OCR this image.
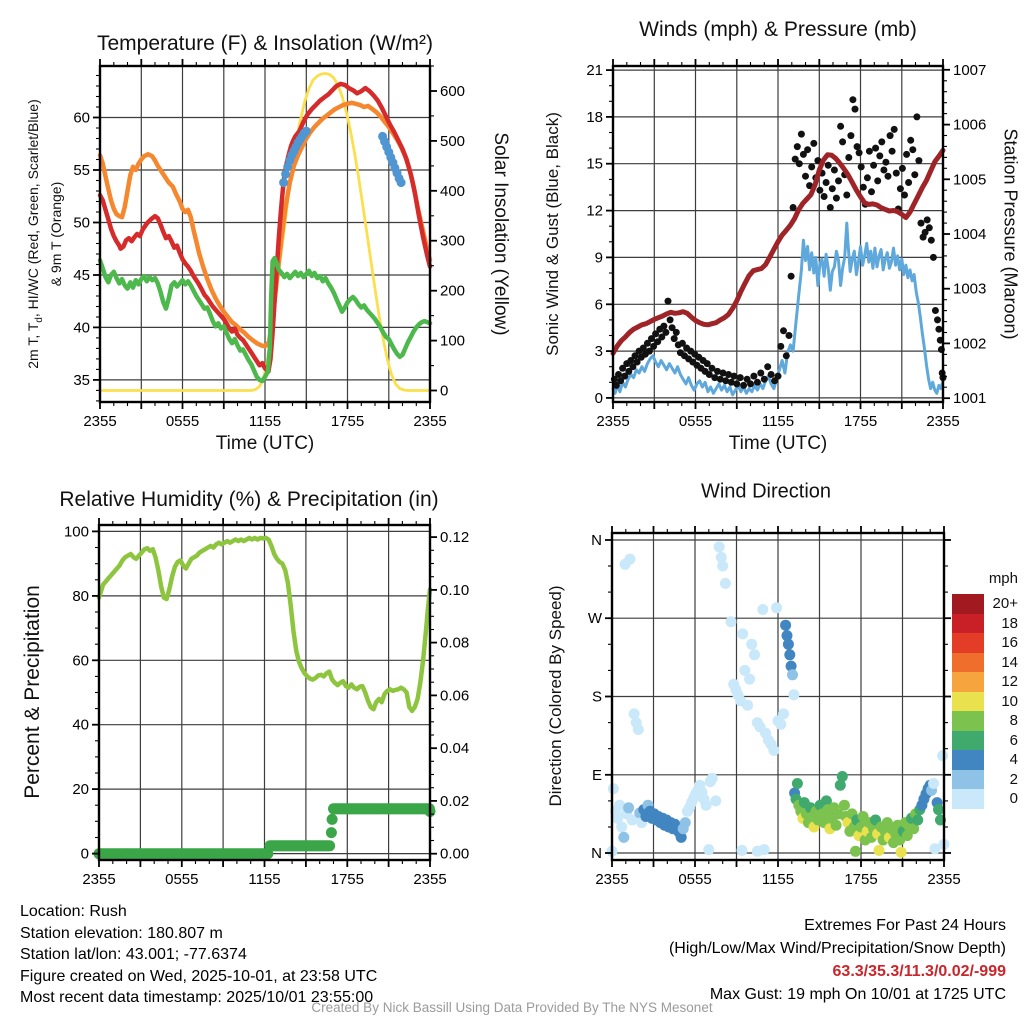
35
40
45
50
55
60
0
100
200
300
400
500
600
2355	0555	1155	1755	2355
0
3
6
9
12
15
18
21
1001
1002
1003
1004
1005
1006
1007
2355	0555	1155	1755	2355
0
20
40
60
80
100
0.00
0.02
0.04
0.06
0.08
0.10
0.12
2355	0555	1155	1755	2355
N
E
S
W
N
2355	0555	1155	1755	2355
Temperature (F) & Insolation (W/m²)
Winds (mph) & Pressure (mb)
Relative Humidity (%) & Precipitation (in)	Wind Direction
2m T, $T_d$, HI/WC (Red, Green, Scarlet/Blue) & 9m T (Orange)	Solar Insolation (Yellow)
Time (UTC)
Sonic Wind & Gust (Blue, Black)	Station Pressure (Maroon)
Time (UTC)
Percent & Precipitation	Direction (Colored By Speed)
mph
20+
18
16
14
12
10
8
6
4
2
0
Location: Rush
Station elevation: 180.807 m
Station lat/lon: 43.001; -77.6374
Figure created on Wed, 2025-10-01, at 23:58 UTC
Most recent data timestamp: 2025/10/01 23:55:00
Extremes For Past 24 Hours
(High/Low/Max Wind/Precipitation/Snow Depth)
63.3/35.3/11.3/0.02/-999
Max Gust: 19 mph On 10/01 at 1725 UTC
Created By Nick Bassill Using Data Provided By The NYS Mesonet
